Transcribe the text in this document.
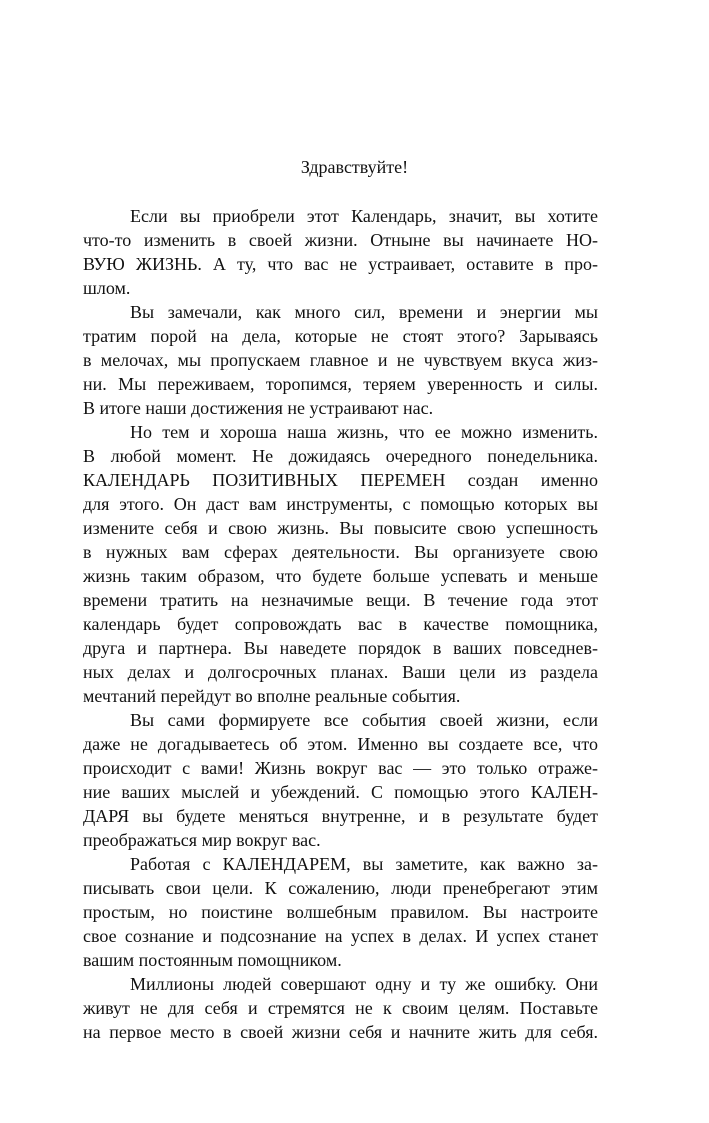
Здравствуйте!
Если вы приобрели этот Календарь, значит, вы хотите
что-то изменить в своей жизни. Отныне вы начинаете НО-
ВУЮ ЖИЗНЬ. А ту, что вас не устраивает, оставите в про-
шлом.
Вы замечали, как много сил, времени и энергии мы
тратим порой на дела, которые не стоят этого? Зарываясь
в мелочах, мы пропускаем главное и не чувствуем вкуса жиз-
ни. Мы переживаем, торопимся, теряем уверенность и силы.
В итоге наши достижения не устраивают нас.
Но тем и хороша наша жизнь, что ее можно изменить.
В любой момент. Не дожидаясь очередного понедельника.
КАЛЕНДАРЬ ПОЗИТИВНЫХ ПЕРЕМЕН создан именно
для этого. Он даст вам инструменты, с помощью которых вы
измените себя и свою жизнь. Вы повысите свою успешность
в нужных вам сферах деятельности. Вы организуете свою
жизнь таким образом, что будете больше успевать и меньше
времени тратить на незначимые вещи. В течение года этот
календарь будет сопровождать вас в качестве помощника,
друга и партнера. Вы наведете порядок в ваших повседнев-
ных делах и долгосрочных планах. Ваши цели из раздела
мечтаний перейдут во вполне реальные события.
Вы сами формируете все события своей жизни, если
даже не догадываетесь об этом. Именно вы создаете все, что
происходит с вами! Жизнь вокруг вас — это только отраже-
ние ваших мыслей и убеждений. С помощью этого КАЛЕН-
ДАРЯ вы будете меняться внутренне, и в результате будет
преображаться мир вокруг вас.
Работая с КАЛЕНДАРЕМ, вы заметите, как важно за-
писывать свои цели. К сожалению, люди пренебрегают этим
простым, но поистине волшебным правилом. Вы настроите
свое сознание и подсознание на успех в делах. И успех станет
вашим постоянным помощником.
Миллионы людей совершают одну и ту же ошибку. Они
живут не для себя и стремятся не к своим целям. Поставьте
на первое место в своей жизни себя и начните жить для себя.
